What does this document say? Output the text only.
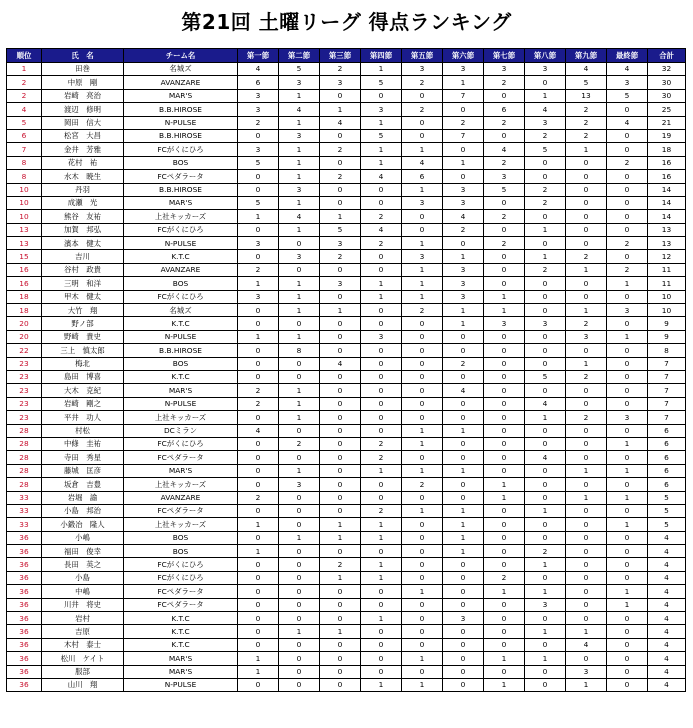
第21回 土曜リーグ 得点ランキング
順位	氏　名	チーム名	第一節	第二節	第三節	第四節	第五節	第六節	第七節	第八節	第九節	最終節	合計
1	田巻	名城ズ	4	5	2	1	3	3	3	3	4	4	32
2	中原　剛	AVANZARE	6	3	3	5	2	1	2	0	5	3	30
2	岩崎　亮治	MAR'S	3	1	0	0	0	7	0	1	13	5	30
4	渡辺　修明	B.B.HIROSE	3	4	1	3	2	0	6	4	2	0	25
5	岡田　信大	N-PULSE	2	1	4	1	0	2	2	3	2	4	21
6	松宮　大昌	B.B.HIROSE	0	3	0	5	0	7	0	2	2	0	19
7	金井　芳雅	FCがくにひろ	3	1	2	1	1	0	4	5	1	0	18
8	花村　祐	BOS	5	1	0	1	4	1	2	0	0	2	16
8	水木　暁生	FCペダラータ	0	1	2	4	6	0	3	0	0	0	16
10	丹羽	B.B.HIROSE	0	3	0	0	1	3	5	2	0	0	14
10	成瀬　光	MAR'S	5	1	0	0	3	3	0	2	0	0	14
10	熊谷　友祐	上社キッカーズ	1	4	1	2	0	4	2	0	0	0	14
13	加賀　邦弘	FCがくにひろ	0	1	5	4	0	2	0	1	0	0	13
13	濱本　健太	N-PULSE	3	0	3	2	1	0	2	0	0	2	13
15	吉川	K.T.C	0	3	2	0	3	1	0	1	2	0	12
16	谷村　政貴	AVANZARE	2	0	0	0	1	3	0	2	1	2	11
16	三明　和洋	BOS	1	1	3	1	1	3	0	0	0	1	11
18	甲木　健太	FCがくにひろ	3	1	0	1	1	3	1	0	0	0	10
18	大竹　翔	名城ズ	0	1	1	0	2	1	1	0	1	3	10
20	野ノ部	K.T.C	0	0	0	0	0	1	3	3	2	0	9
20	野崎　貴史	N-PULSE	1	1	0	3	0	0	0	0	3	1	9
22	三上　慎太郎	B.B.HIROSE	0	8	0	0	0	0	0	0	0	0	8
23	梅北	BOS	0	0	4	0	0	2	0	0	1	0	7
23	島田　博喜	K.T.C	0	0	0	0	0	0	0	5	2	0	7
23	大木　克紀	MAR'S	2	1	0	0	0	4	0	0	0	0	7
23	岩崎　剛之	N-PULSE	2	1	0	0	0	0	0	4	0	0	7
23	平井　功人	上社キッカーズ	0	1	0	0	0	0	0	1	2	3	7
28	村松	DCミラン	4	0	0	0	1	1	0	0	0	0	6
28	中條　圭祐	FCがくにひろ	0	2	0	2	1	0	0	0	0	1	6
28	寺田　秀星	FCペダラータ	0	0	0	2	0	0	0	4	0	0	6
28	藤城　匡彦	MAR'S	0	1	0	1	1	1	0	0	1	1	6
28	坂倉　吉豊	上社キッカーズ	0	3	0	0	2	0	1	0	0	0	6
33	岩堀　諭	AVANZARE	2	0	0	0	0	0	1	0	1	1	5
33	小島　邦治	FCペダラータ	0	0	0	2	1	1	0	1	0	0	5
33	小鍛冶　隆人	上社キッカーズ	1	0	1	1	0	1	0	0	0	1	5
36	小嶋	BOS	0	1	1	1	0	1	0	0	0	0	4
36	福田　俊幸	BOS	1	0	0	0	0	1	0	2	0	0	4
36	長田　英之	FCがくにひろ	0	0	2	1	0	0	0	1	0	0	4
36	小島	FCがくにひろ	0	0	1	1	0	0	2	0	0	0	4
36	中嶋	FCペダラータ	0	0	0	0	1	0	1	1	0	1	4
36	川井　将史	FCペダラータ	0	0	0	0	0	0	0	3	0	1	4
36	岩村	K.T.C	0	0	0	1	0	3	0	0	0	0	4
36	吉原	K.T.C	0	1	1	0	0	0	0	1	1	0	4
36	木村　泰士	K.T.C	0	0	0	0	0	0	0	0	4	0	4
36	松川　ケイト	MAR'S	1	0	0	0	1	0	1	1	0	0	4
36	服部	MAR'S	1	0	0	0	0	0	0	0	3	0	4
36	山川　翔	N-PULSE	0	0	0	1	1	0	1	0	1	0	4
